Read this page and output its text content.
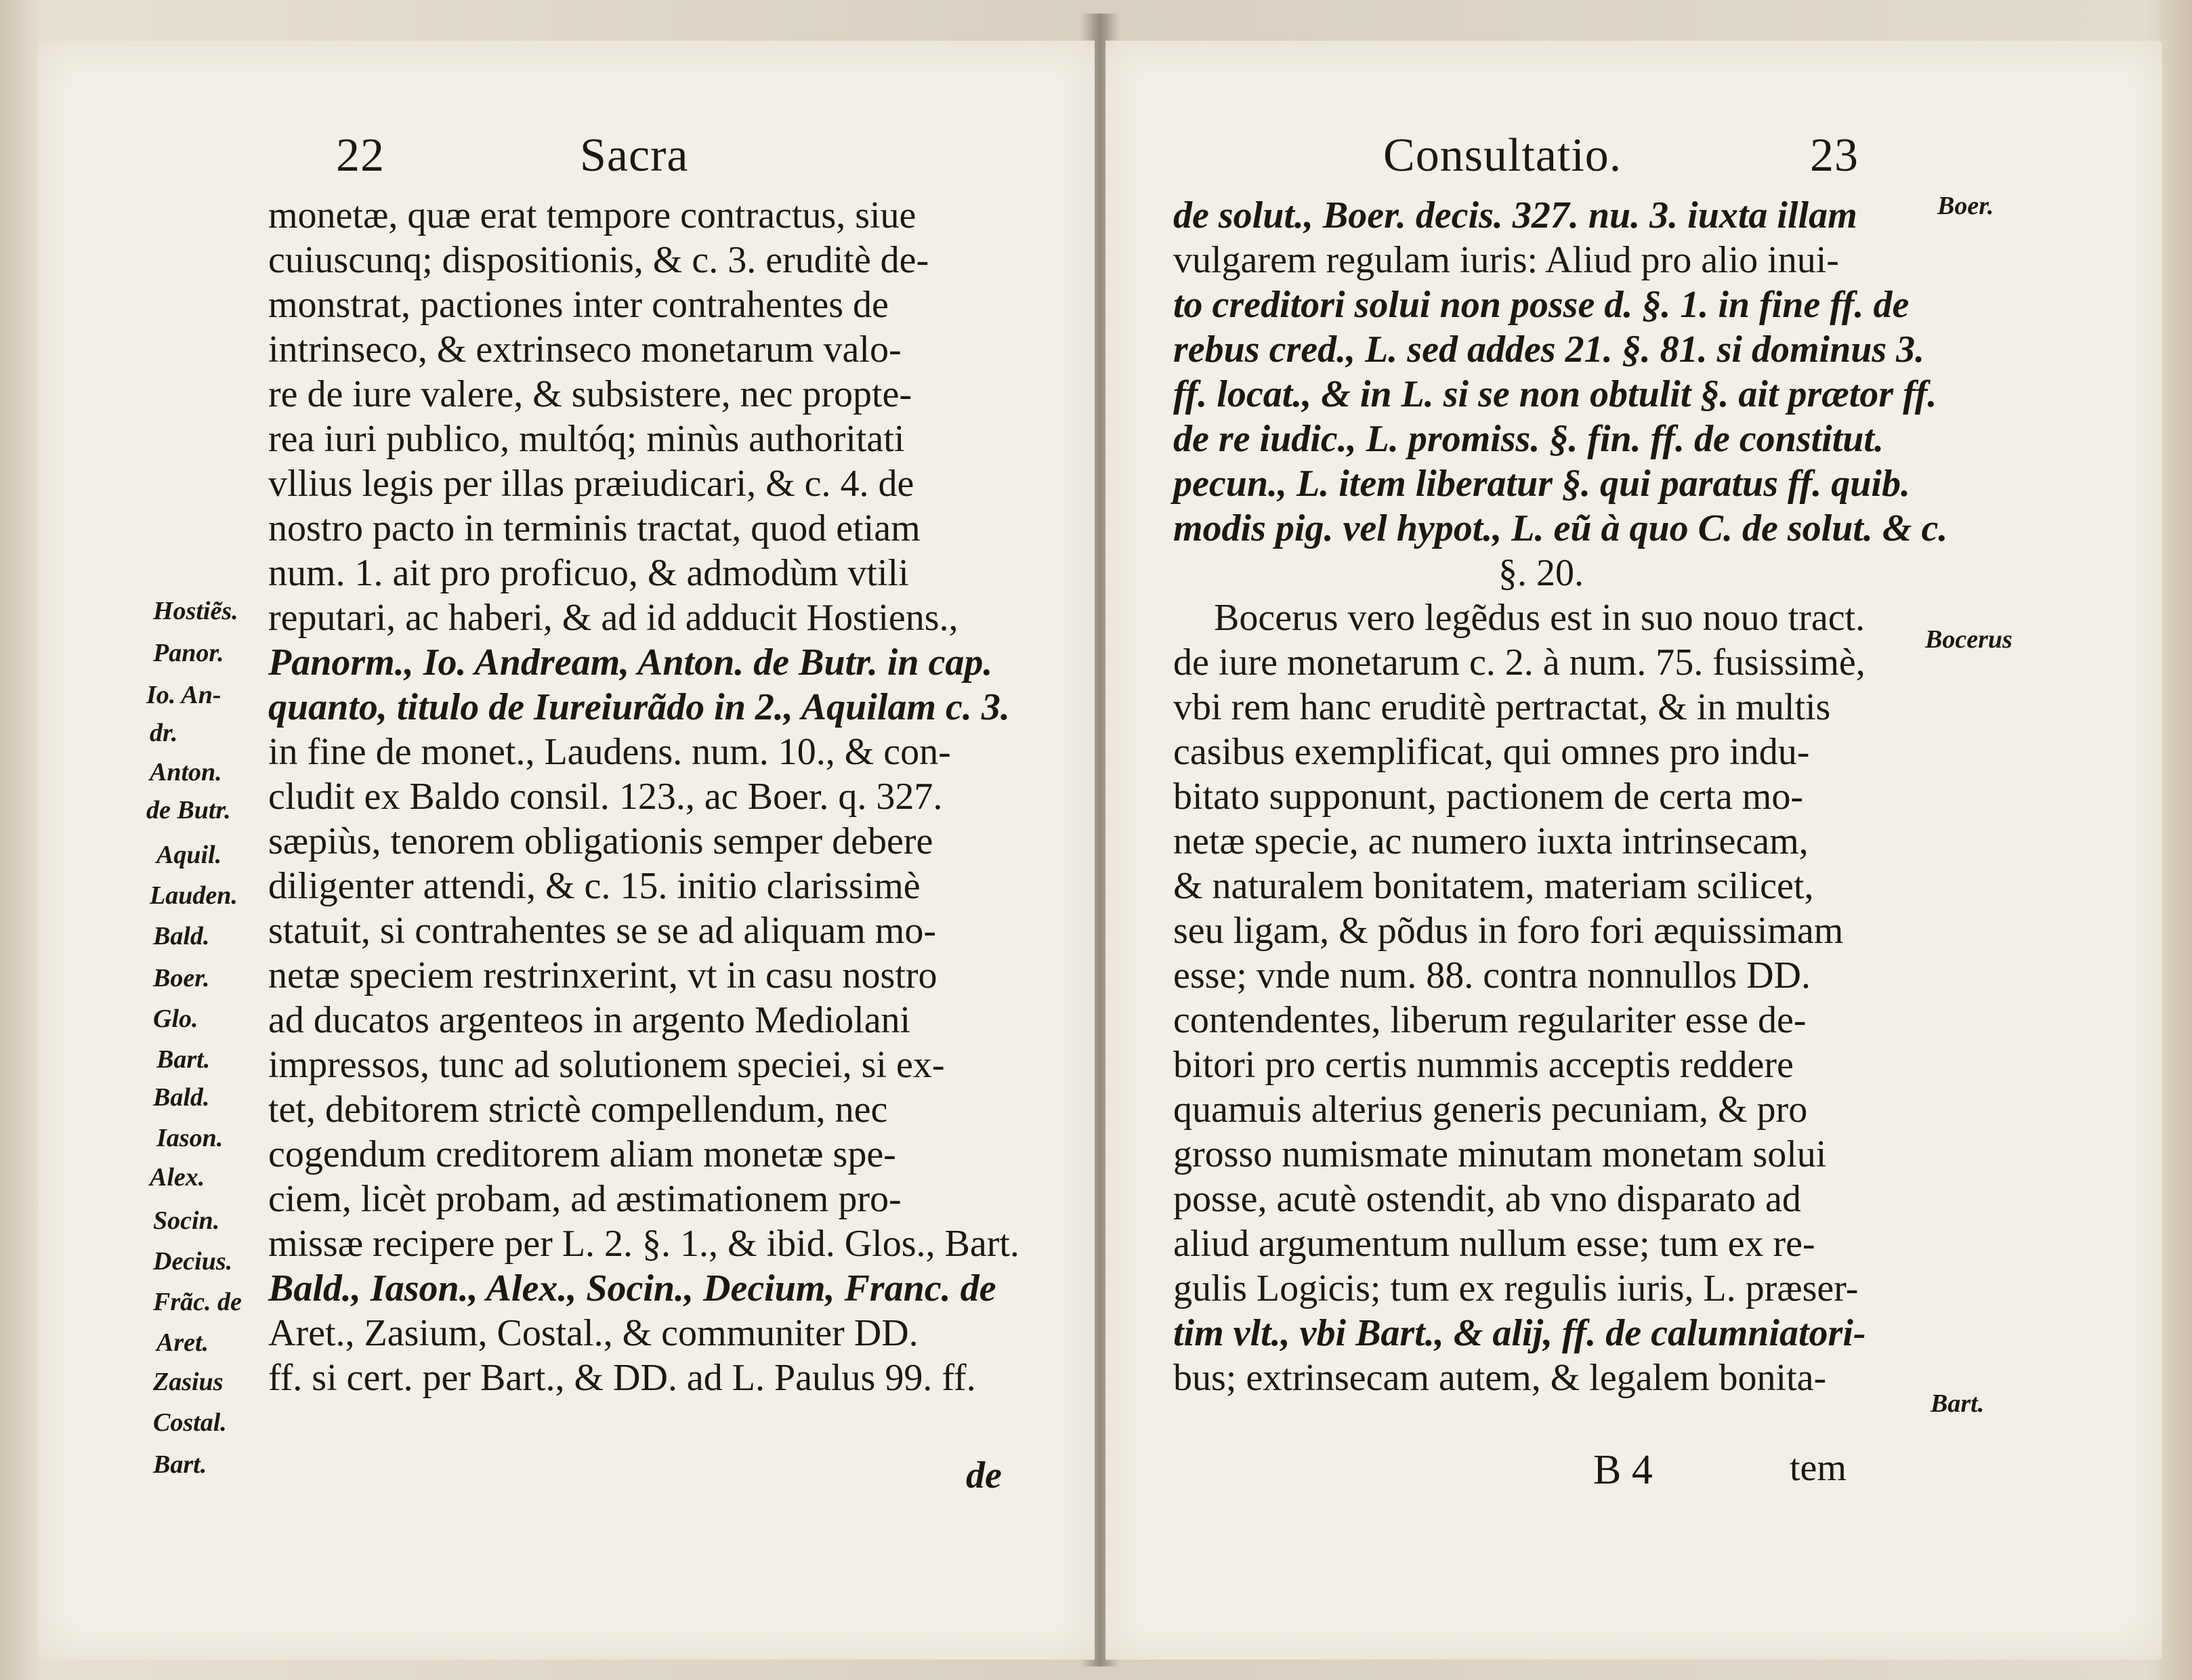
22	Sacra
monetæ, quæ erat tempore contractus, siue
cuiuscunq; dispositionis, & c. 3. eruditè de-
monstrat, pactiones inter contrahentes de
intrinseco, & extrinseco monetarum valo-
re de iure valere, & subsistere, nec propte-
rea iuri publico, multóq; minùs authoritati
vllius legis per illas præiudicari, & c. 4. de
nostro pacto in terminis tractat, quod etiam
num. 1. ait pro proficuo, & admodùm vtili
reputari, ac haberi, & ad id adducit Hostiens.,
Panorm., Io. Andream, Anton. de Butr. in cap.
quanto, titulo de Iureiurãdo in 2., Aquilam c. 3.
in fine de monet., Laudens. num. 10., & con-
cludit ex Baldo consil. 123., ac Boer. q. 327.
sæpiùs, tenorem obligationis semper debere
diligenter attendi, & c. 15. initio clarissimè
statuit, si contrahentes se se ad aliquam mo-
netæ speciem restrinxerint, vt in casu nostro
ad ducatos argenteos in argento Mediolani
impressos, tunc ad solutionem speciei, si ex-
tet, debitorem strictè compellendum, nec
cogendum creditorem aliam monetæ spe-
ciem, licèt probam, ad æstimationem pro-
missæ recipere per L. 2. §. 1., & ibid. Glos., Bart.
Bald., Iason., Alex., Socin., Decium, Franc. de
Aret., Zasium, Costal., & communiter DD.
ff. si cert. per Bart., & DD. ad L. Paulus 99. ff.
de
Hostiẽs.
Panor.
Io. An-
dr.
Anton.
de Butr.
Aquil.
Lauden.
Bald.
Boer.
Glo.
Bart.
Bald.
Iason.
Alex.
Socin.
Decius.
Frãc. de
Aret.
Zasius
Costal.
Bart.
Consultatio.	23
de solut., Boer. decis. 327. nu. 3. iuxta illam
vulgarem regulam iuris: Aliud pro alio inui-
to creditori solui non posse d. §. 1. in fine ff. de
rebus cred., L. sed addes 21. §. 81. si dominus 3.
ff. locat., & in L. si se non obtulit §. ait prætor ff.
de re iudic., L. promiss. §. fin. ff. de constitut.
pecun., L. item liberatur §. qui paratus ff. quib.
modis pig. vel hypot., L. eũ à quo C. de solut. & c.
§. 20.
Bocerus vero legẽdus est in suo nouo tract.
de iure monetarum c. 2. à num. 75. fusissimè,
vbi rem hanc eruditè pertractat, & in multis
casibus exemplificat, qui omnes pro indu-
bitato supponunt, pactionem de certa mo-
netæ specie, ac numero iuxta intrinsecam,
& naturalem bonitatem, materiam scilicet,
seu ligam, & põdus in foro fori æquissimam
esse; vnde num. 88. contra nonnullos DD.
contendentes, liberum regulariter esse de-
bitori pro certis nummis acceptis reddere
quamuis alterius generis pecuniam, & pro
grosso numismate minutam monetam solui
posse, acutè ostendit, ab vno disparato ad
aliud argumentum nullum esse; tum ex re-
gulis Logicis; tum ex regulis iuris, L. præser-
tim vlt., vbi Bart., & alij, ff. de calumniatori-
bus; extrinsecam autem, & legalem bonita-
B 4	tem
Boer.
Bocerus
Bart.
